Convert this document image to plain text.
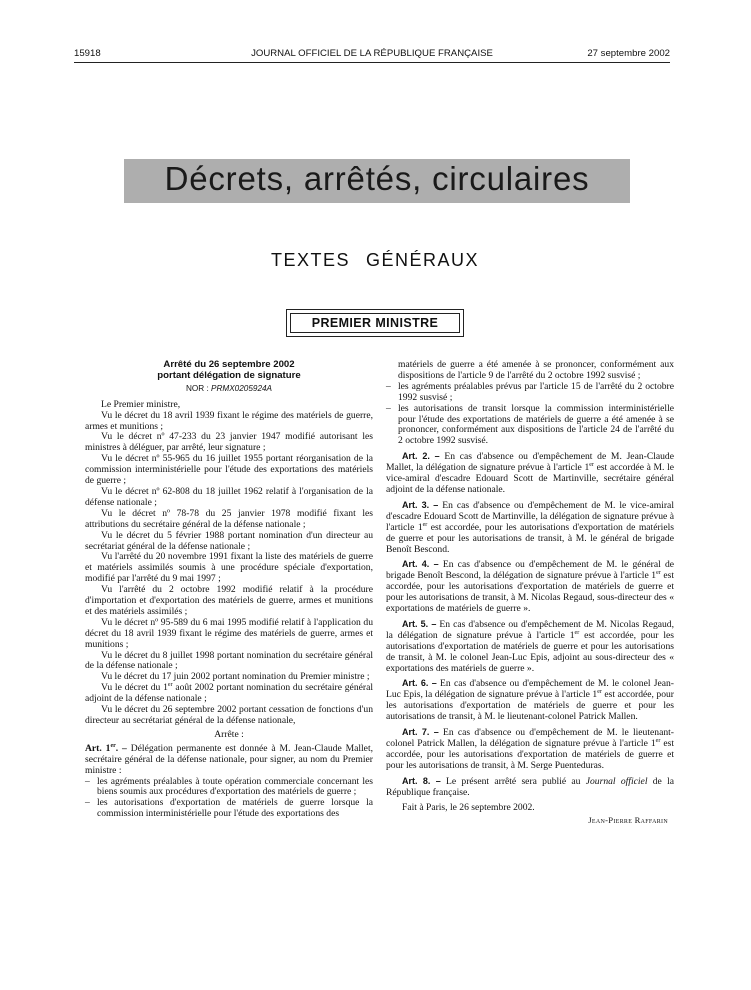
15918	JOURNAL OFFICIEL DE LA RÉPUBLIQUE FRANÇAISE	27 septembre 2002
Décrets, arrêtés, circulaires
TEXTES GÉNÉRAUX
PREMIER MINISTRE
Arrêté du 26 septembre 2002
portant délégation de signature
NOR : PRMX0205924A

Le Premier ministre,

Vu le décret du 18 avril 1939 fixant le régime des matériels de guerre, armes et munitions ;

Vu le décret nº 47-233 du 23 janvier 1947 modifié autorisant les ministres à déléguer, par arrêté, leur signature ;

Vu le décret nº 55-965 du 16 juillet 1955 portant réorganisation de la commission interministérielle pour l'étude des exportations des matériels de guerre ;

Vu le décret nº 62-808 du 18 juillet 1962 relatif à l'organisation de la défense nationale ;

Vu le décret nº 78-78 du 25 janvier 1978 modifié fixant les attributions du secrétaire général de la défense nationale ;

Vu le décret du 5 février 1988 portant nomination d'un directeur au secrétariat général de la défense nationale ;

Vu l'arrêté du 20 novembre 1991 fixant la liste des matériels de guerre et matériels assimilés soumis à une procédure spéciale d'exportation, modifié par l'arrêté du 9 mai 1997 ;

Vu l'arrêté du 2 octobre 1992 modifié relatif à la procédure d'importation et d'exportation des matériels de guerre, armes et munitions et des matériels assimilés ;

Vu le décret nº 95-589 du 6 mai 1995 modifié relatif à l'application du décret du 18 avril 1939 fixant le régime des matériels de guerre, armes et munitions ;

Vu le décret du 8 juillet 1998 portant nomination du secrétaire général de la défense nationale ;

Vu le décret du 17 juin 2002 portant nomination du Premier ministre ;

Vu le décret du 1er août 2002 portant nomination du secrétaire général adjoint de la défense nationale ;

Vu le décret du 26 septembre 2002 portant cessation de fonctions d'un directeur au secrétariat général de la défense nationale,

Arrête :

Art. 1er. – Délégation permanente est donnée à M. Jean-Claude Mallet, secrétaire général de la défense nationale, pour signer, au nom du Premier ministre :

– les agréments préalables à toute opération commerciale concernant les biens soumis aux procédures d'exportation des matériels de guerre ;
– les autorisations d'exportation de matériels de guerre lorsque la commission interministérielle pour l'étude des exportations des
matériels de guerre a été amenée à se prononcer, conformément aux dispositions de l'article 9 de l'arrêté du 2 octobre 1992 susvisé ;
– les agréments préalables prévus par l'article 15 de l'arrêté du 2 octobre 1992 susvisé ;
– les autorisations de transit lorsque la commission interministérielle pour l'étude des exportations de matériels de guerre a été amenée à se prononcer, conformément aux dispositions de l'article 24 de l'arrêté du 2 octobre 1992 susvisé.

Art. 2. – En cas d'absence ou d'empêchement de M. Jean-Claude Mallet, la délégation de signature prévue à l'article 1er est accordée à M. le vice-amiral d'escadre Edouard Scott de Martinville, secrétaire général adjoint de la défense nationale.

Art. 3. – En cas d'absence ou d'empêchement de M. le vice-amiral d'escadre Edouard Scott de Martinville, la délégation de signature prévue à l'article 1er est accordée, pour les autorisations d'exportation de matériels de guerre et pour les autorisations de transit, à M. le général de brigade Benoît Bescond.

Art. 4. – En cas d'absence ou d'empêchement de M. le général de brigade Benoît Bescond, la délégation de signature prévue à l'article 1er est accordée, pour les autorisations d'exportation de matériels de guerre et pour les autorisations de transit, à M. Nicolas Regaud, sous-directeur des « exportations de matériels de guerre ».

Art. 5. – En cas d'absence ou d'empêchement de M. Nicolas Regaud, la délégation de signature prévue à l'article 1er est accordée, pour les autorisations d'exportation de matériels de guerre et pour les autorisations de transit, à M. le colonel Jean-Luc Epis, adjoint au sous-directeur des « exportations des matériels de guerre ».

Art. 6. – En cas d'absence ou d'empêchement de M. le colonel Jean-Luc Epis, la délégation de signature prévue à l'article 1er est accordée, pour les autorisations d'exportation de matériels de guerre et pour les autorisations de transit, à M. le lieutenant-colonel Patrick Mallen.

Art. 7. – En cas d'absence ou d'empêchement de M. le lieutenant-colonel Patrick Mallen, la délégation de signature prévue à l'article 1er est accordée, pour les autorisations d'exportation de matériels de guerre et pour les autorisations de transit, à M. Serge Puenteduras.

Art. 8. – Le présent arrêté sera publié au Journal officiel de la République française.

Fait à Paris, le 26 septembre 2002.

Jean-Pierre Raffarin
